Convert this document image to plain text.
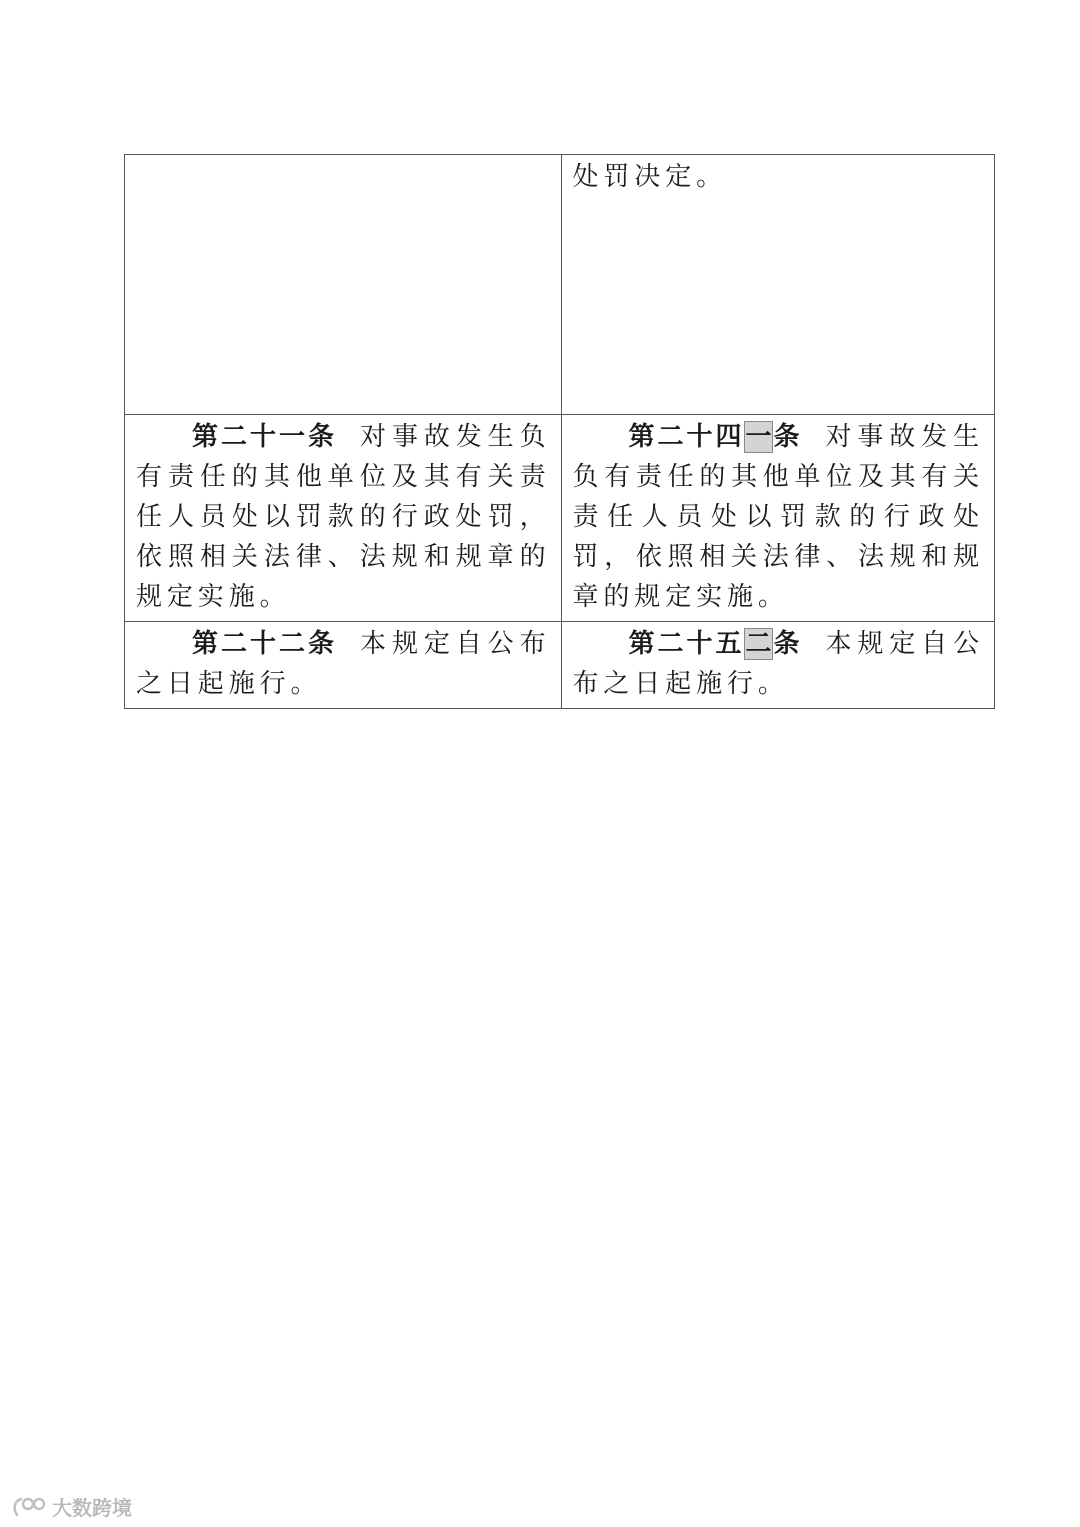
	处罚决定。
第二十一条 对事故发生负有责任的其他单位及其有关责任人员处以罚款的行政处罚，依照相关法律、法规和规章的规定实施。	第二十四一条 对事故发生负有责任的其他单位及其有关责任人员处以罚款的行政处罚，依照相关法律、法规和规章的规定实施。
第二十二条 本规定自公布之日起施行。	第二十五二条 本规定自公布之日起施行。
大数跨境
